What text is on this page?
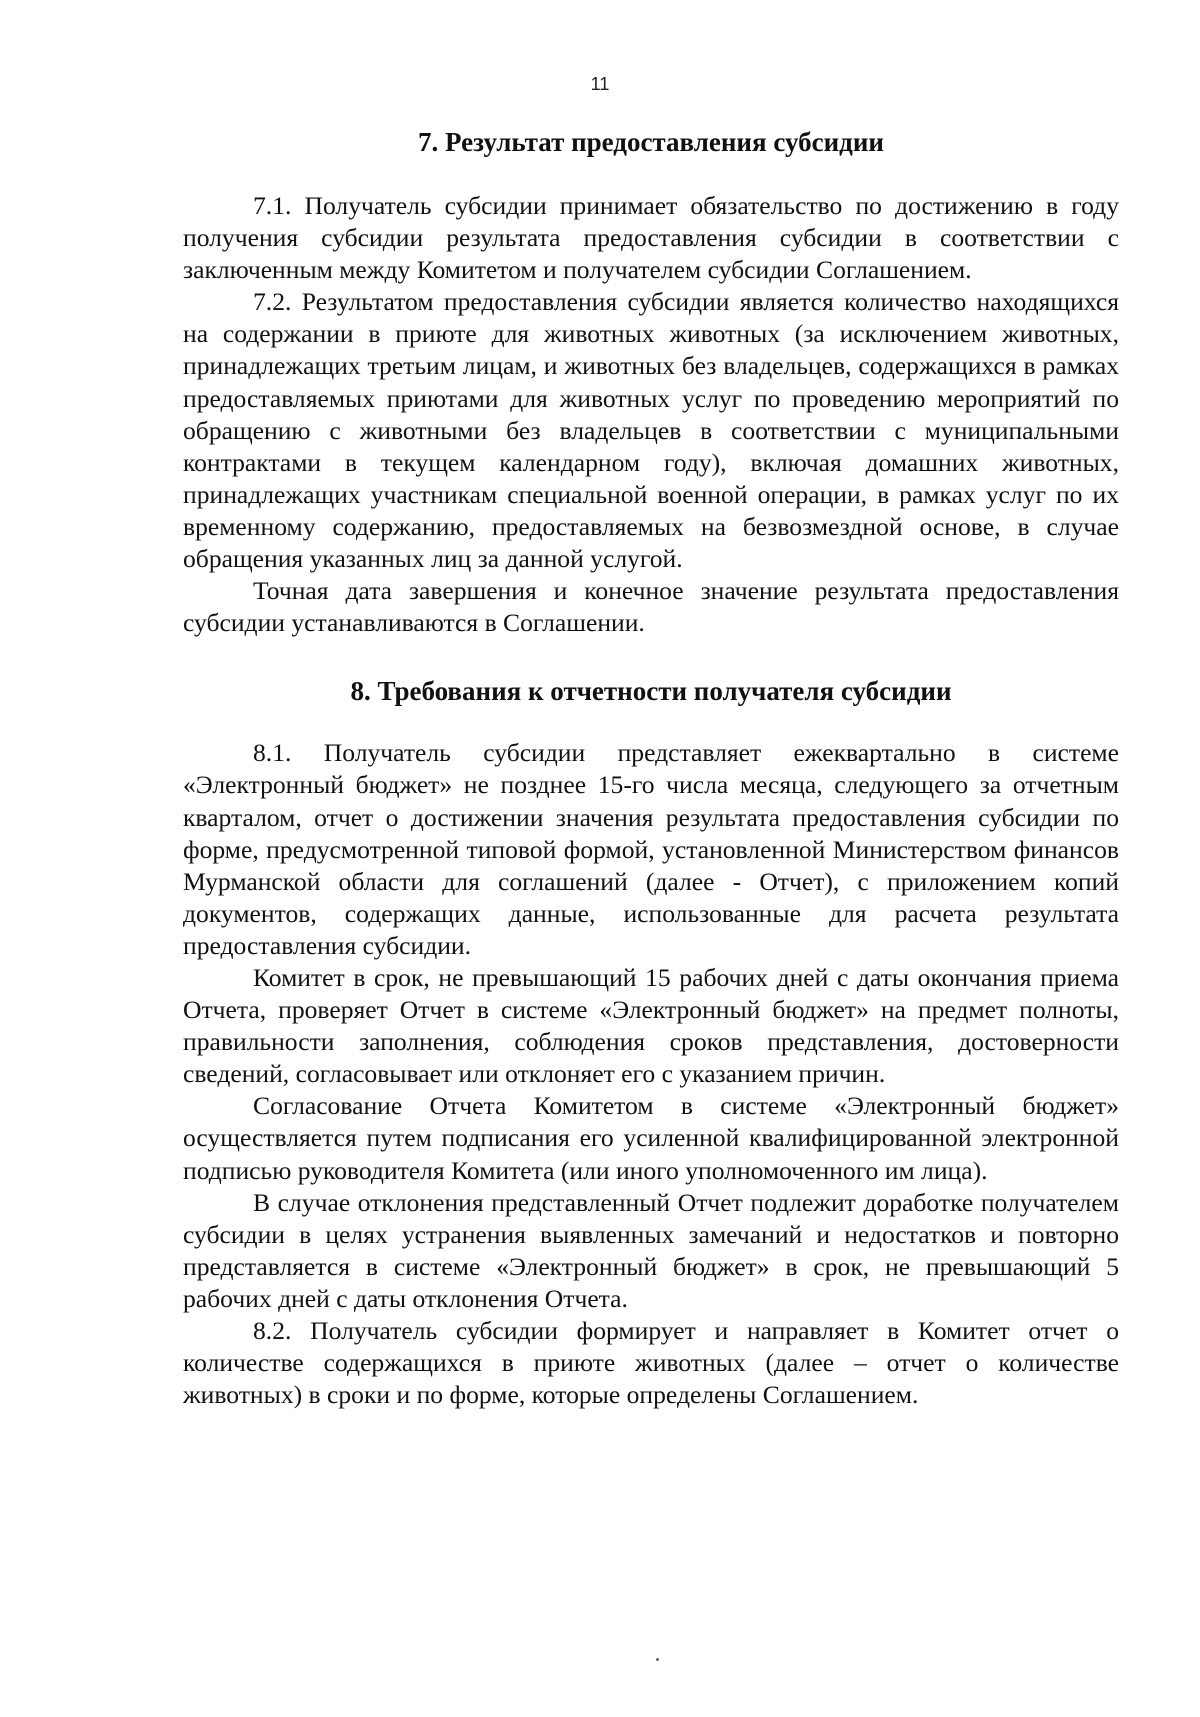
11
7. Результат предоставления субсидии

7.1. Получатель субсидии принимает обязательство по достижению в году получения субсидии результата предоставления субсидии в соответствии с заключенным между Комитетом и получателем субсидии Соглашением.

7.2. Результатом предоставления субсидии является количество находящихся на содержании в приюте для животных животных (за исключением животных, принадлежащих третьим лицам, и животных без владельцев, содержащихся в рамках предоставляемых приютами для животных услуг по проведению мероприятий по обращению с животными без владельцев в соответствии с муниципальными контрактами в текущем календарном году), включая домашних животных, принадлежащих участникам специальной военной операции, в рамках услуг по их временному содержанию, предоставляемых на безвозмездной основе, в случае обращения указанных лиц за данной услугой.

Точная дата завершения и конечное значение результата предоставления субсидии устанавливаются в Соглашении.

8. Требования к отчетности получателя субсидии

8.1. Получатель субсидии представляет ежеквартально в системе «Электронный бюджет» не позднее 15-го числа месяца, следующего за отчетным кварталом, отчет о достижении значения результата предоставления субсидии по форме, предусмотренной типовой формой, установленной Министерством финансов Мурманской области для соглашений (далее - Отчет), с приложением копий документов, содержащих данные, использованные для расчета результата предоставления субсидии.

Комитет в срок, не превышающий 15 рабочих дней с даты окончания приема Отчета, проверяет Отчет в системе «Электронный бюджет» на предмет полноты, правильности заполнения, соблюдения сроков представления, достоверности сведений, согласовывает или отклоняет его с указанием причин.

Согласование Отчета Комитетом в системе «Электронный бюджет» осуществляется путем подписания его усиленной квалифицированной электронной подписью руководителя Комитета (или иного уполномоченного им лица).

В случае отклонения представленный Отчет подлежит доработке получателем субсидии в целях устранения выявленных замечаний и недостатков и повторно представляется в системе «Электронный бюджет» в срок, не превышающий 5 рабочих дней с даты отклонения Отчета.

8.2. Получатель субсидии формирует и направляет в Комитет отчет о количестве содержащихся в приюте животных (далее – отчет о количестве животных) в сроки и по форме, которые определены Соглашением.
